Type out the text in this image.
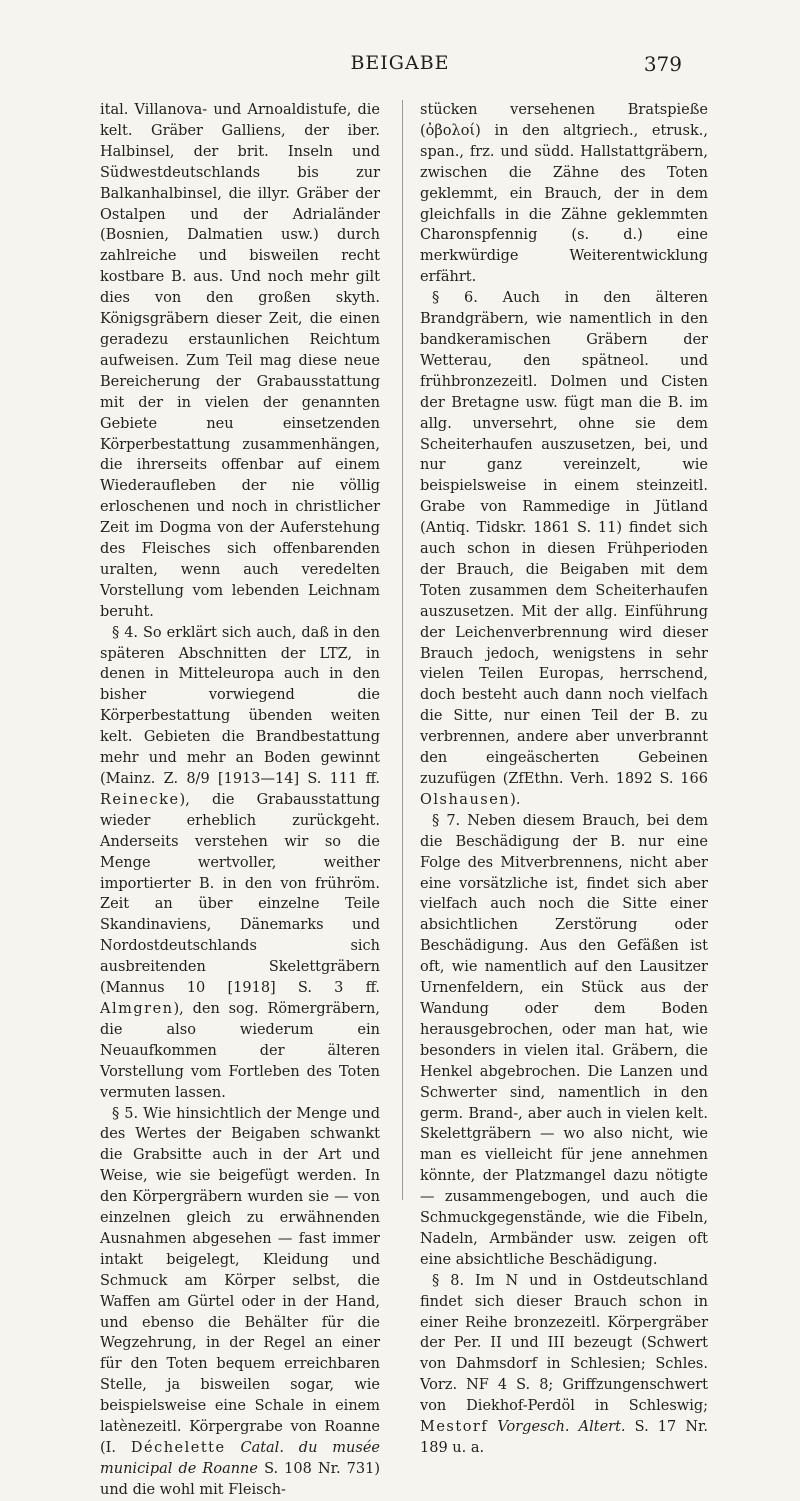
BEIGABE	379

ital. Villanova- und Arnoaldistufe, die kelt. Gräber Galliens, der iber. Halbinsel, der brit. Inseln und Südwestdeutschlands bis zur Balkanhalbinsel, die illyr. Gräber der Ostalpen und der Adrialänder (Bosnien, Dalmatien usw.) durch zahlreiche und bisweilen recht kostbare B. aus. Und noch mehr gilt dies von den großen skyth. Königsgräbern dieser Zeit, die einen geradezu erstaunlichen Reichtum aufweisen. Zum Teil mag diese neue Bereicherung der Grabausstattung mit der in vielen der genannten Gebiete neu einsetzenden Körperbestattung zusammenhängen, die ihrerseits offenbar auf einem Wiederaufleben der nie völlig erloschenen und noch in christlicher Zeit im Dogma von der Auferstehung des Fleisches sich offenbarenden uralten, wenn auch veredelten Vorstellung vom lebenden Leichnam beruht.

§ 4. So erklärt sich auch, daß in den späteren Abschnitten der LTZ, in denen in Mitteleuropa auch in den bisher vorwiegend die Körperbestattung übenden weiten kelt. Gebieten die Brandbestattung mehr und mehr an Boden gewinnt (Mainz. Z. 8/9 [1913—14] S. 111 ff. Reinecke), die Grabausstattung wieder erheblich zurückgeht. Anderseits verstehen wir so die Menge wertvoller, weither importierter B. in den von frühröm. Zeit an über einzelne Teile Skandinaviens, Dänemarks und Nordostdeutschlands sich ausbreitenden Skelettgräbern (Mannus 10 [1918] S. 3 ff. Almgren), den sog. Römergräbern, die also wiederum ein Neuaufkommen der älteren Vorstellung vom Fortleben des Toten vermuten lassen.

§ 5. Wie hinsichtlich der Menge und des Wertes der Beigaben schwankt die Grabsitte auch in der Art und Weise, wie sie beigefügt werden. In den Körpergräbern wurden sie — von einzelnen gleich zu erwähnenden Ausnahmen abgesehen — fast immer intakt beigelegt, Kleidung und Schmuck am Körper selbst, die Waffen am Gürtel oder in der Hand, und ebenso die Behälter für die Wegzehrung, in der Regel an einer für den Toten bequem erreichbaren Stelle, ja bisweilen sogar, wie beispielsweise eine Schale in einem latènezeitl. Körpergrabe von Roanne (I. Déchelette Catal. du musée municipal de Roanne S. 108 Nr. 731) und die wohl mit Fleisch-

stücken versehenen Bratspieße (ὀβολοί) in den altgriech., etrusk., span., frz. und südd. Hallstattgräbern, zwischen die Zähne des Toten geklemmt, ein Brauch, der in dem gleichfalls in die Zähne geklemmten Charonspfennig (s. d.) eine merkwürdige Weiterentwicklung erfährt.

§ 6. Auch in den älteren Brandgräbern, wie namentlich in den bandkeramischen Gräbern der Wetterau, den spätneol. und frühbronzezeitl. Dolmen und Cisten der Bretagne usw. fügt man die B. im allg. unversehrt, ohne sie dem Scheiterhaufen auszusetzen, bei, und nur ganz vereinzelt, wie beispielsweise in einem steinzeitl. Grabe von Rammedige in Jütland (Antiq. Tidskr. 1861 S. 11) findet sich auch schon in diesen Frühperioden der Brauch, die Beigaben mit dem Toten zusammen dem Scheiterhaufen auszusetzen. Mit der allg. Einführung der Leichenverbrennung wird dieser Brauch jedoch, wenigstens in sehr vielen Teilen Europas, herrschend, doch besteht auch dann noch vielfach die Sitte, nur einen Teil der B. zu verbrennen, andere aber unverbrannt den eingeäscherten Gebeinen zuzufügen (ZfEthn. Verh. 1892 S. 166 Olshausen).

§ 7. Neben diesem Brauch, bei dem die Beschädigung der B. nur eine Folge des Mitverbrennens, nicht aber eine vorsätzliche ist, findet sich aber vielfach auch noch die Sitte einer absichtlichen Zerstörung oder Beschädigung. Aus den Gefäßen ist oft, wie namentlich auf den Lausitzer Urnenfeldern, ein Stück aus der Wandung oder dem Boden herausgebrochen, oder man hat, wie besonders in vielen ital. Gräbern, die Henkel abgebrochen. Die Lanzen und Schwerter sind, namentlich in den germ. Brand-, aber auch in vielen kelt. Skelettgräbern — wo also nicht, wie man es vielleicht für jene annehmen könnte, der Platzmangel dazu nötigte — zusammengebogen, und auch die Schmuckgegenstände, wie die Fibeln, Nadeln, Armbänder usw. zeigen oft eine absichtliche Beschädigung.

§ 8. Im N und in Ostdeutschland findet sich dieser Brauch schon in einer Reihe bronzezeitl. Körpergräber der Per. II und III bezeugt (Schwert von Dahmsdorf in Schlesien; Schles. Vorz. NF 4 S. 8; Griffzungenschwert von Diekhof-Perdöl in Schleswig; Mestorf Vorgesch. Altert. S. 17 Nr. 189 u. a.
